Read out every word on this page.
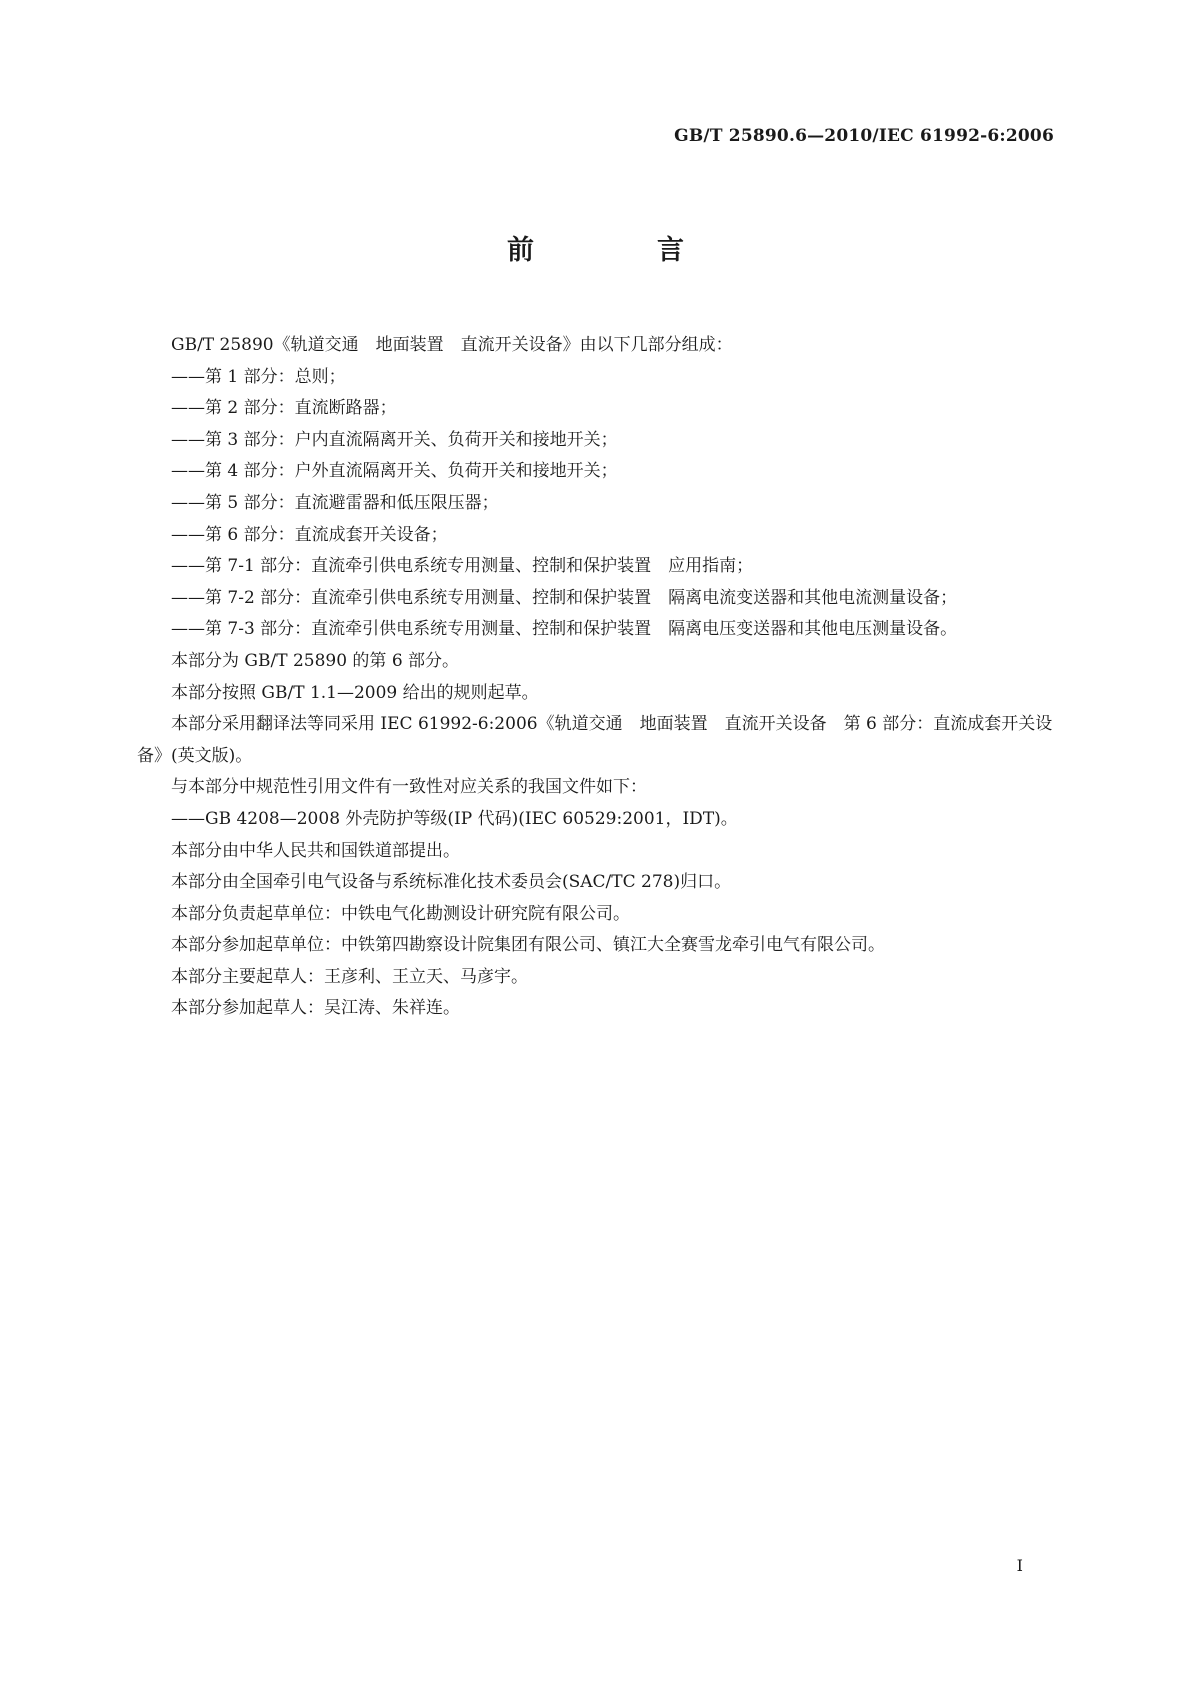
GB/T 25890.6—2010/IEC 61992-6:2006
前　言
GB/T 25890《轨道交通　地面装置　直流开关设备》由以下几部分组成：
——第 1 部分：总则；
——第 2 部分：直流断路器；
——第 3 部分：户内直流隔离开关、负荷开关和接地开关；
——第 4 部分：户外直流隔离开关、负荷开关和接地开关；
——第 5 部分：直流避雷器和低压限压器；
——第 6 部分：直流成套开关设备；
——第 7-1 部分：直流牵引供电系统专用测量、控制和保护装置　应用指南；
——第 7-2 部分：直流牵引供电系统专用测量、控制和保护装置　隔离电流变送器和其他电流测量设备；
——第 7-3 部分：直流牵引供电系统专用测量、控制和保护装置　隔离电压变送器和其他电压测量设备。
本部分为 GB/T 25890 的第 6 部分。
本部分按照 GB/T 1.1—2009 给出的规则起草。
本部分采用翻译法等同采用 IEC 61992-6:2006《轨道交通　地面装置　直流开关设备　第 6 部分：直流成套开关设备》(英文版)。
与本部分中规范性引用文件有一致性对应关系的我国文件如下：
——GB 4208—2008 外壳防护等级(IP 代码)(IEC 60529:2001，IDT)。
本部分由中华人民共和国铁道部提出。
本部分由全国牵引电气设备与系统标准化技术委员会(SAC/TC 278)归口。
本部分负责起草单位：中铁电气化勘测设计研究院有限公司。
本部分参加起草单位：中铁第四勘察设计院集团有限公司、镇江大全赛雪龙牵引电气有限公司。
本部分主要起草人：王彦利、王立天、马彦宇。
本部分参加起草人：吴江涛、朱祥连。
I
